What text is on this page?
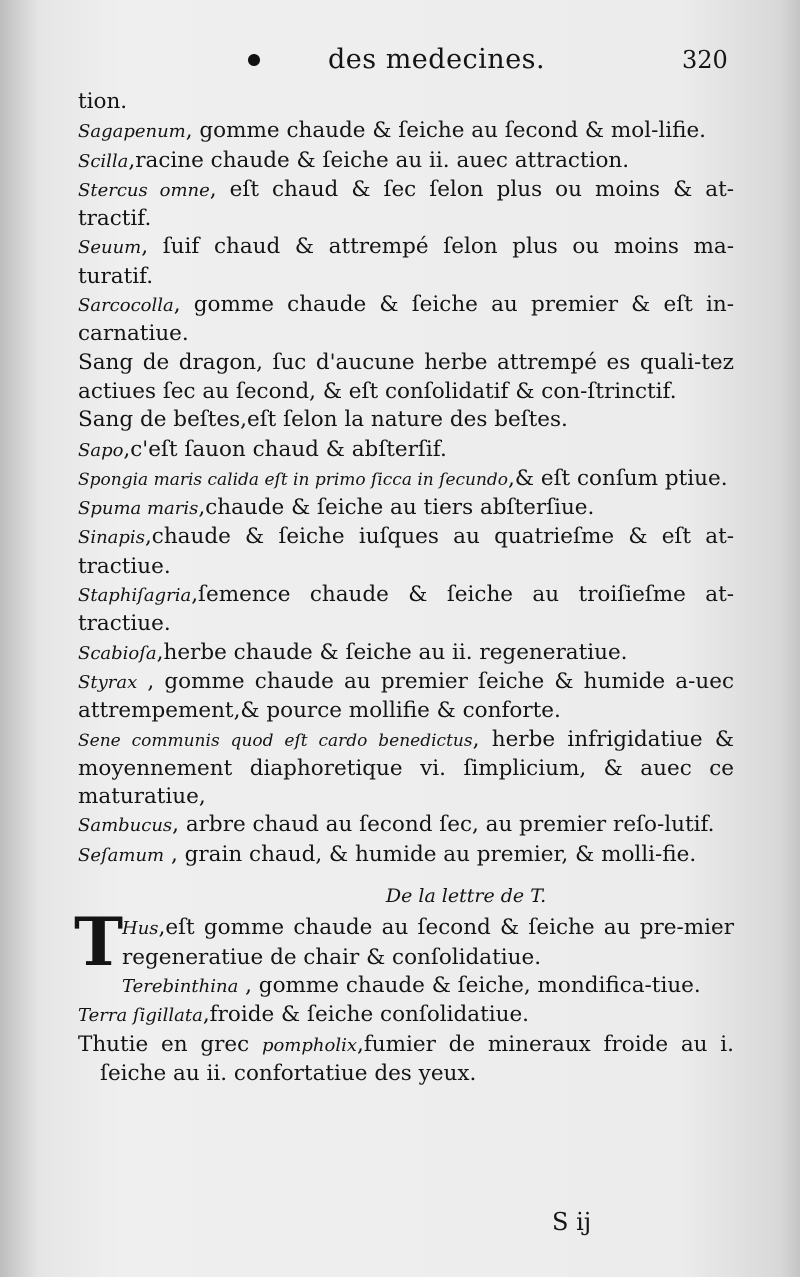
des medecines.	320

tion.

Sagapenum, gomme chaude & ſeiche au ſecond & mol-lifie.

Scilla,racine chaude & ſeiche au ii. auec attraction.

Stercus omne, eſt chaud & ſec ſelon plus ou moins & at-tractif.

Seuum, ſuif chaud & attrempé ſelon plus ou moins ma-turatif.

Sarcocolla, gomme chaude & ſeiche au premier & eſt in-carnatiue.

Sang de dragon, ſuc d'aucune herbe attrempé es quali-tez actiues ſec au ſecond, & eſt conſolidatif & con-ſtrinctif.

Sang de beſtes,eſt ſelon la nature des beſtes.

Sapo,c'eſt ſauon chaud & abſterſif.

Spongia maris calida eſt in primo ſicca in ſecundo,& eſt conſum ptiue.

Spuma maris,chaude & ſeiche au tiers abſterſiue.

Sinapis,chaude & ſeiche iuſques au quatrieſme & eſt at-tractiue.

Staphiſagria,ſemence chaude & ſeiche au troiſieſme at-tractiue.

Scabioſa,herbe chaude & ſeiche au ii. regeneratiue.

Styrax , gomme chaude au premier ſeiche & humide a-uec attrempement,& pource mollifie & conforte.

Sene communis quod eſt cardo benedictus, herbe infrigidatiue & moyennement diaphoretique vi. ſimplicium, & auec ce maturatiue,

Sambucus, arbre chaud au ſecond ſec, au premier reſo-lutif.

Seſamum , grain chaud, & humide au premier, & molli-fie.

De la lettre de T.

T
Hus,eſt gomme chaude au ſecond & ſeiche au pre-mier regeneratiue de chair & conſolidatiue.

Terebinthina , gomme chaude & ſeiche, mondifica-tiue.

Terra ſigillata,froide & ſeiche conſolidatiue.

Thutie en grec pompholix,fumier de mineraux froide au i. ſeiche au ii. confortatiue des yeux.

S ij
